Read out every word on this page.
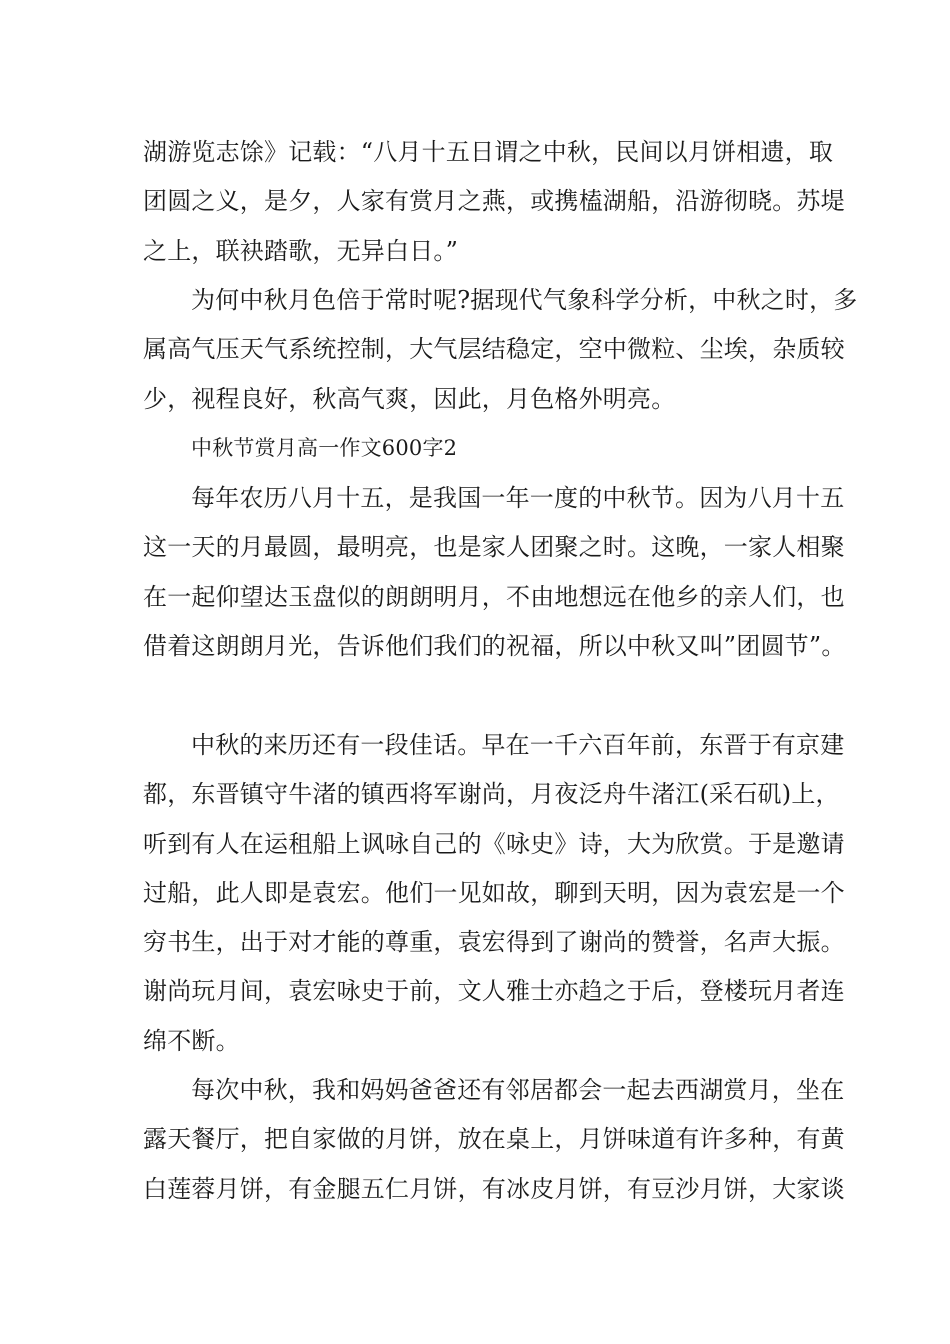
湖游览志馀》记载：“八月十五日谓之中秋，民间以月饼相遗，取
团圆之义，是夕，人家有赏月之燕，或携榼湖船，沿游彻晓。苏堤
之上，联袂踏歌，无异白日。”
为何中秋月色倍于常时呢?据现代气象科学分析，中秋之时，多
属高气压天气系统控制，大气层结稳定，空中微粒、尘埃，杂质较
少，视程良好，秋高气爽，因此，月色格外明亮。
中秋节赏月高一作文600字2
每年农历八月十五，是我国一年一度的中秋节。因为八月十五
这一天的月最圆，最明亮，也是家人团聚之时。这晚，一家人相聚
在一起仰望达玉盘似的朗朗明月，不由地想远在他乡的亲人们，也
借着这朗朗月光，告诉他们我们的祝福，所以中秋又叫”团圆节”。
中秋的来历还有一段佳话。早在一千六百年前，东晋于有京建
都，东晋镇守牛渚的镇西将军谢尚，月夜泛舟牛渚江(采石矶)上，
听到有人在运租船上讽咏自己的《咏史》诗，大为欣赏。于是邀请
过船，此人即是袁宏。他们一见如故，聊到天明，因为袁宏是一个
穷书生，出于对才能的尊重，袁宏得到了谢尚的赞誉，名声大振。
谢尚玩月间，袁宏咏史于前，文人雅士亦趋之于后，登楼玩月者连
绵不断。
每次中秋，我和妈妈爸爸还有邻居都会一起去西湖赏月，坐在
露天餐厅，把自家做的月饼，放在桌上，月饼味道有许多种，有黄
白莲蓉月饼，有金腿五仁月饼，有冰皮月饼，有豆沙月饼，大家谈
